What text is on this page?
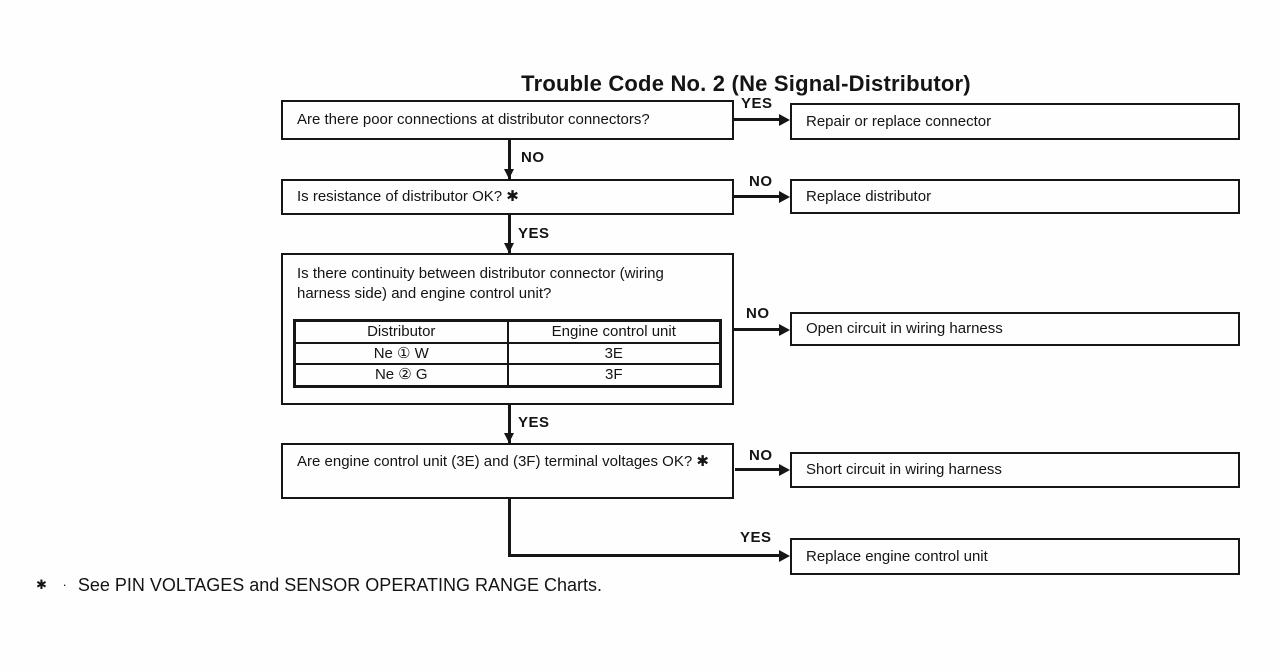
Trouble Code No. 2 (Ne Signal-Distributor)
Are there poor connections at distributor connectors?
Is resistance of distributor OK? ✱
Is there continuity between distributor connector (wiring harness side) and engine control unit?
Distributor	Engine control unit
Ne ① W	3E
Ne ② G	3F
Are engine control unit (3E) and (3F) terminal voltages OK? ✱
Repair or replace connector
Replace distributor
Open circuit in wiring harness
Short circuit in wiring harness
Replace engine control unit
YES
NO
NO
YES
NO
YES
NO
YES
✱ · See PIN VOLTAGES and SENSOR OPERATING RANGE Charts.
